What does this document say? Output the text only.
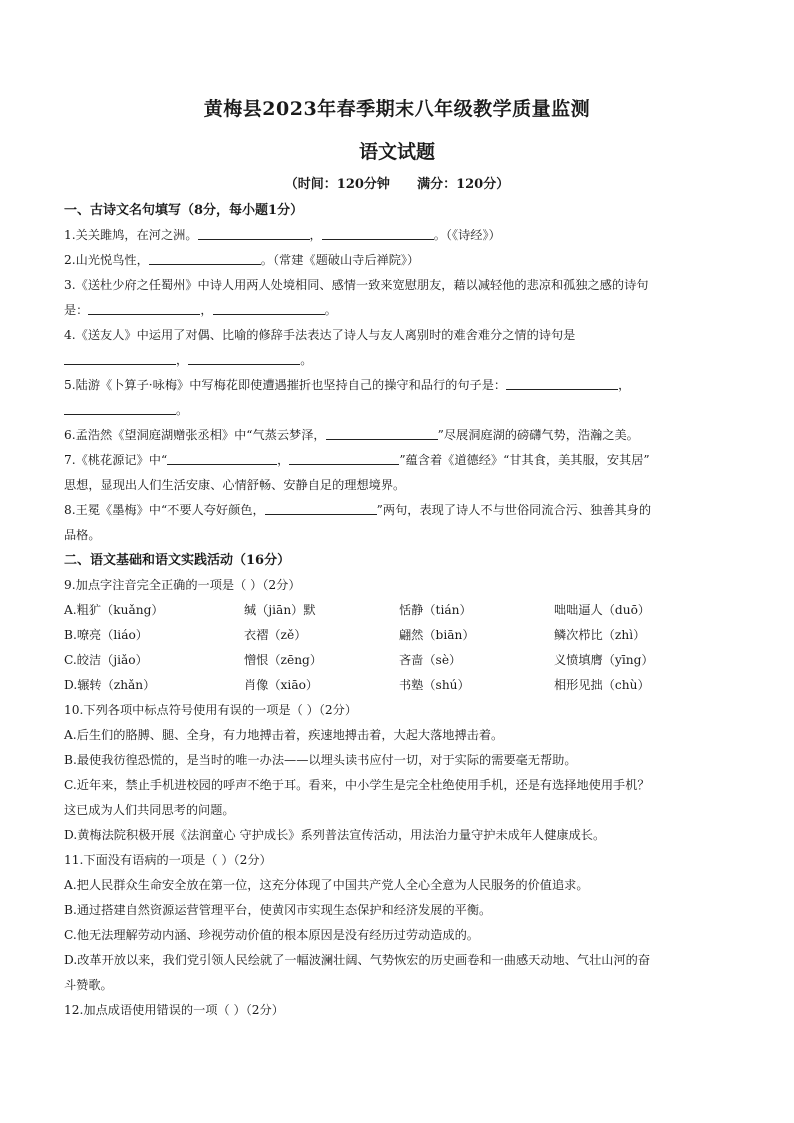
黄梅县2023年春季期末八年级教学质量监测
语文试题
（时间：120分钟      满分：120分）
一、古诗文名句填写（8分，每小题1分）
1.关关雎鸠，在河之洲。	，	。（《诗经》）
2.山光悦鸟性，	。（常建《题破山寺后禅院》）
3.《送杜少府之任蜀州》中诗人用两人处境相同、感情一致来宽慰朋友，藉以减轻他的悲凉和孤独之感的诗句
是：	，	。
4.《送友人》中运用了对偶、比喻的修辞手法表达了诗人与友人离别时的难舍难分之情的诗句是
，	。
5.陆游《卜算子·咏梅》中写梅花即使遭遇摧折也坚持自己的操守和品行的句子是：	，
。
6.孟浩然《望洞庭湖赠张丞相》中“气蒸云梦泽，	”尽展洞庭湖的磅礴气势，浩瀚之美。
7.《桃花源记》中“	，	”蕴含着《道德经》“甘其食，美其服，安其居”
思想，显现出人们生活安康、心情舒畅、安静自足的理想境界。
8.王冕《墨梅》中“不要人夸好颜色，	”两句，表现了诗人不与世俗同流合污、独善其身的
品格。
二、语文基础和语文实践活动（16分）
9.加点字注音完全正确的一项是（ ）（2分）
A.粗犷（kuǎng）	缄（jiān）默	恬静（tián）	咄咄逼人（duō）
B.嘹亮（liáo）	衣褶（zě）	翩然（biān）	鳞次栉比（zhì）
C.皎洁（jiǎo）	憎恨（zēng）	吝啬（sè）	义愤填膺（yīng）
D.辗转（zhǎn）	肖像（xiāo）	书塾（shú）	相形见拙（chù）
10.下列各项中标点符号使用有误的一项是（ ）（2分）
A.后生们的胳膊、腿、全身，有力地搏击着，疾速地搏击着，大起大落地搏击着。
B.最使我彷徨恐慌的，是当时的唯一办法——以埋头读书应付一切，对于实际的需要毫无帮助。
C.近年来，禁止手机进校园的呼声不绝于耳。看来，中小学生是完全杜绝使用手机，还是有选择地使用手机？
这已成为人们共同思考的问题。
D.黄梅法院积极开展《法润童心 守护成长》系列普法宣传活动，用法治力量守护未成年人健康成长。
11.下面没有语病的一项是（ ）（2分）
A.把人民群众生命安全放在第一位，这充分体现了中国共产党人全心全意为人民服务的价值追求。
B.通过搭建自然资源运营管理平台，使黄冈市实现生态保护和经济发展的平衡。
C.他无法理解劳动内涵、珍视劳动价值的根本原因是没有经历过劳动造成的。
D.改革开放以来，我们党引领人民绘就了一幅波澜壮阔、气势恢宏的历史画卷和一曲感天动地、气壮山河的奋
斗赞歌。
12.加点成语使用错误的一项（ ）（2分）
